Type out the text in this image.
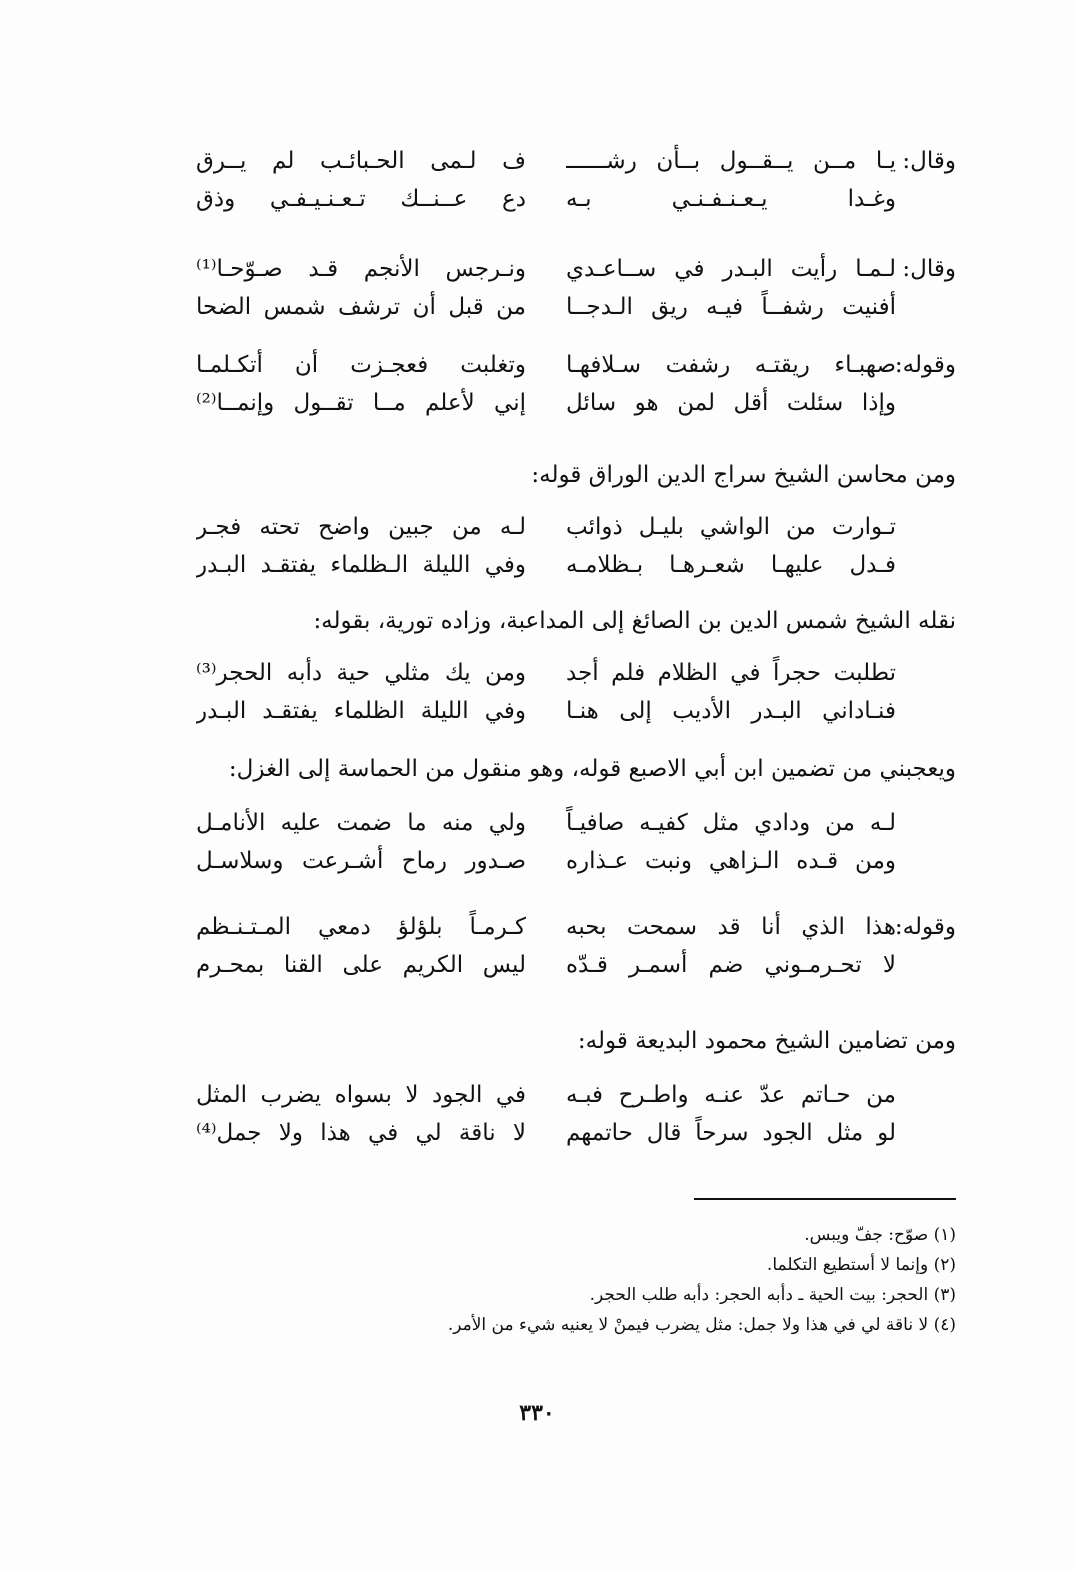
وقال:
يـا مــن يــقــول بــأن رشــــــ
ف لـمى الحـبائـب لم يــرق
وغـدا يـعـنـفـنـي بـه
دع عــنــك تـعـنـيـفـي وذق
وقال:
لـمـا رأيت البـدر في ســاعـدي
ونـرجس الأنجم قـد صـوّحـا⁽¹⁾
أفنيت رشفــاً فيـه ريق الـدجــا
من قبل أن ترشف شمس الضحا
وقوله:
صهبـاء ريقتـه رشفت سـلافهـا
وتغلبت فعجـزت أن أتكـلمـا
وإذا سئلت أقل لمن هو سائل
إني لأعلم مــا تقــول وإنمــا⁽²⁾
ومن محاسن الشيخ سراج الدين الوراق قوله:
تـوارت من الواشي بليـل ذوائب
لـه من جبين واضح تحته فجـر
فـدل عليهـا شعـرهـا بـظلامـه
وفي الليلة الـظلماء يفتقـد البـدر
نقله الشيخ شمس الدين بن الصائغ إلى المداعبة، وزاده تورية، بقوله:
تطلبت حجراً في الظلام فلم أجد
ومن يك مثلي حية دأبه الحجر⁽³⁾
فنـاداني البـدر الأديب إلى هنـا
وفي الليلة الظلماء يفتقـد البـدر
ويعجبني من تضمين ابن أبي الاصبع قوله، وهو منقول من الحماسة إلى الغزل:
لـه من ودادي مثل كفيـه صافيـاً
ولي منه ما ضمت عليه الأنامـل
ومن قـده الـزاهي ونبت عـذاره
صـدور رماح أشـرعت وسلاسـل
وقوله:
هذا الذي أنا قد سمحت بحبه
كـرمـاً بلؤلؤ دمعي المـتـنـظم
لا تحـرمـوني ضم أسمـر قـدّه
ليس الكريم على القنا بمحـرم
ومن تضامين الشيخ محمود البديعة قوله:
من حـاتم عدّ عنـه واطـرح فبـه
في الجود لا بسواه يضرب المثل
لو مثل الجود سرحاً قال حاتمهم
لا ناقة لي في هذا ولا جمل⁽⁴⁾
(١) صوّح: جفّ ويبس.
(٢) وإنما لا أستطيع التكلما.
(٣) الحجر: بيت الحية ـ دأبه الحجر: دأبه طلب الحجر.
(٤) لا ناقة لي في هذا ولا جمل: مثل يضرب فيمنْ لا يعنيه شيء من الأمر.
٣٣٠
